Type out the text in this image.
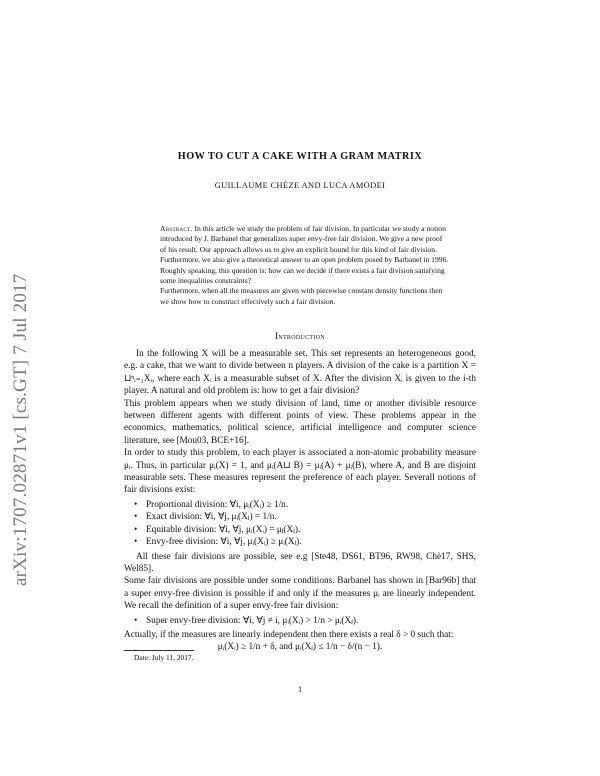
arXiv:1707.02871v1 [cs.GT] 7 Jul 2017
HOW TO CUT A CAKE WITH A GRAM MATRIX
GUILLAUME CHÈZE AND LUCA AMODEI

Abstract. In this article we study the problem of fair division. In particular we study a notion introduced by J. Barbanel that generalizes super envy-free fair division. We give a new proof of his result. Our approach allows us to give an explicit bound for this kind of fair division.

Furthermore, we also give a theoretical answer to an open problem posed by Barbanel in 1996. Roughly speaking, this question is: how can we decide if there exists a fair division satisfying some inequalities constraints?

Furthermore, when all the measures are given with piecewise constant density functions then we show how to construct effectively such a fair division.

Introduction

In the following X will be a measurable set. This set represents an heterogeneous good, e.g. a cake, that we want to divide between n players. A division of the cake is a partition X = ⊔ⁿᵢ₌₁Xᵢ, where each Xᵢ is a measurable subset of X. After the division Xᵢ is given to the i-th player. A natural and old problem is: how to get a fair division?

This problem appears when we study division of land, time or another divisible resource between different agents with different points of view. These problems appear in the economics, mathematics, political science, artificial intelligence and computer science literature, see [Mou03, BCE+16].

In order to study this problem, to each player is associated a non-atomic probability measure μᵢ. Thus, in particular μᵢ(X) = 1, and μᵢ(A⊔ B) = μᵢ(A) + μᵢ(B), where A, and B are disjoint measurable sets. These measures represent the preference of each player. Severall notions of fair divisions exist:

• Proportional division: ∀i, μᵢ(Xᵢ) ≥ 1/n.
• Exact division: ∀i, ∀j, μᵢ(Xⱼ) = 1/n.
• Equitable division: ∀i, ∀j, μᵢ(Xᵢ) = μⱼ(Xⱼ).
• Envy-free division: ∀i, ∀j, μᵢ(Xᵢ) ≥ μᵢ(Xⱼ).

All these fair divisions are possible, see e.g [Ste48, DS61, BT96, RW98, Chè17, SHS, Wel85].

Some fair divisions are possible under some conditions. Barbanel has shown in [Bar96b] that a super envy-free division is possible if and only if the measures μᵢ are linearly independent. We recall the definition of a super envy-free fair division:

• Super envy-free division: ∀i, ∀j ≠ i, μᵢ(Xᵢ) > 1/n > μᵢ(Xⱼ).

Actually, if the measures are linearly independent then there exists a real δ > 0 such that:

μᵢ(Xᵢ) ≥ 1/n + δ, and μᵢ(Xⱼ) ≤ 1/n − δ/(n − 1).

Date: July 11, 2017.
1
